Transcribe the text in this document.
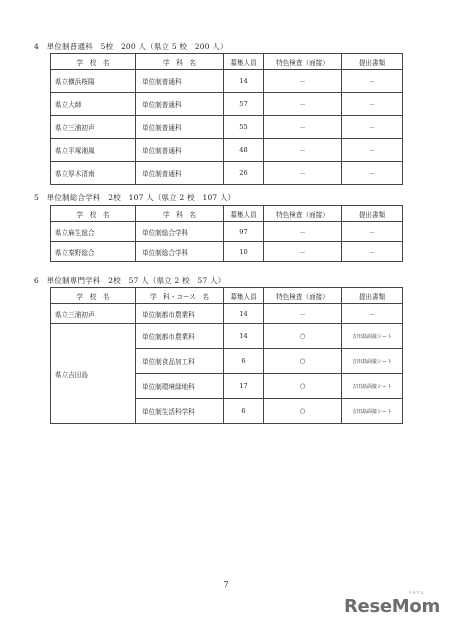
4　単位制普通科　5校　200 人（県立 5 校　200 人）
学　校　名	学　科　名	募集人員	特色検査（面接）	提出書類
県立横浜桜陽	単位制普通科	14	－	－
県立大師	単位制普通科	57	－	－
県立三浦初声	単位制普通科	55	－	－
県立平塚湘風	単位制普通科	48	－	－
県立厚木清南	単位制普通科	26	－	－
5　単位制総合学科　2校　107 人（県立 2 校　107 人）
学　校　名	学　科　名	募集人員	特色検査（面接）	提出書類
県立麻生総合	単位制総合学科	97	－	－
県立秦野総合	単位制総合学科	10	－	－
6　単位制専門学科　2校　57 人（県立 2 校　57 人）
学　校　名	学　科・コース　名	募集人員	特色検査（面接）	提出書類
県立三浦初声	単位制都市農業科	14	－	－
県立吉田島	単位制都市農業科	14	○	吉田島面接シート
	単位制食品加工科	6	○	吉田島面接シート
	単位制環境緑地科	17	○	吉田島面接シート
	単位制生活科学科	6	○	吉田島面接シート
7
リセマム
ReseMom
